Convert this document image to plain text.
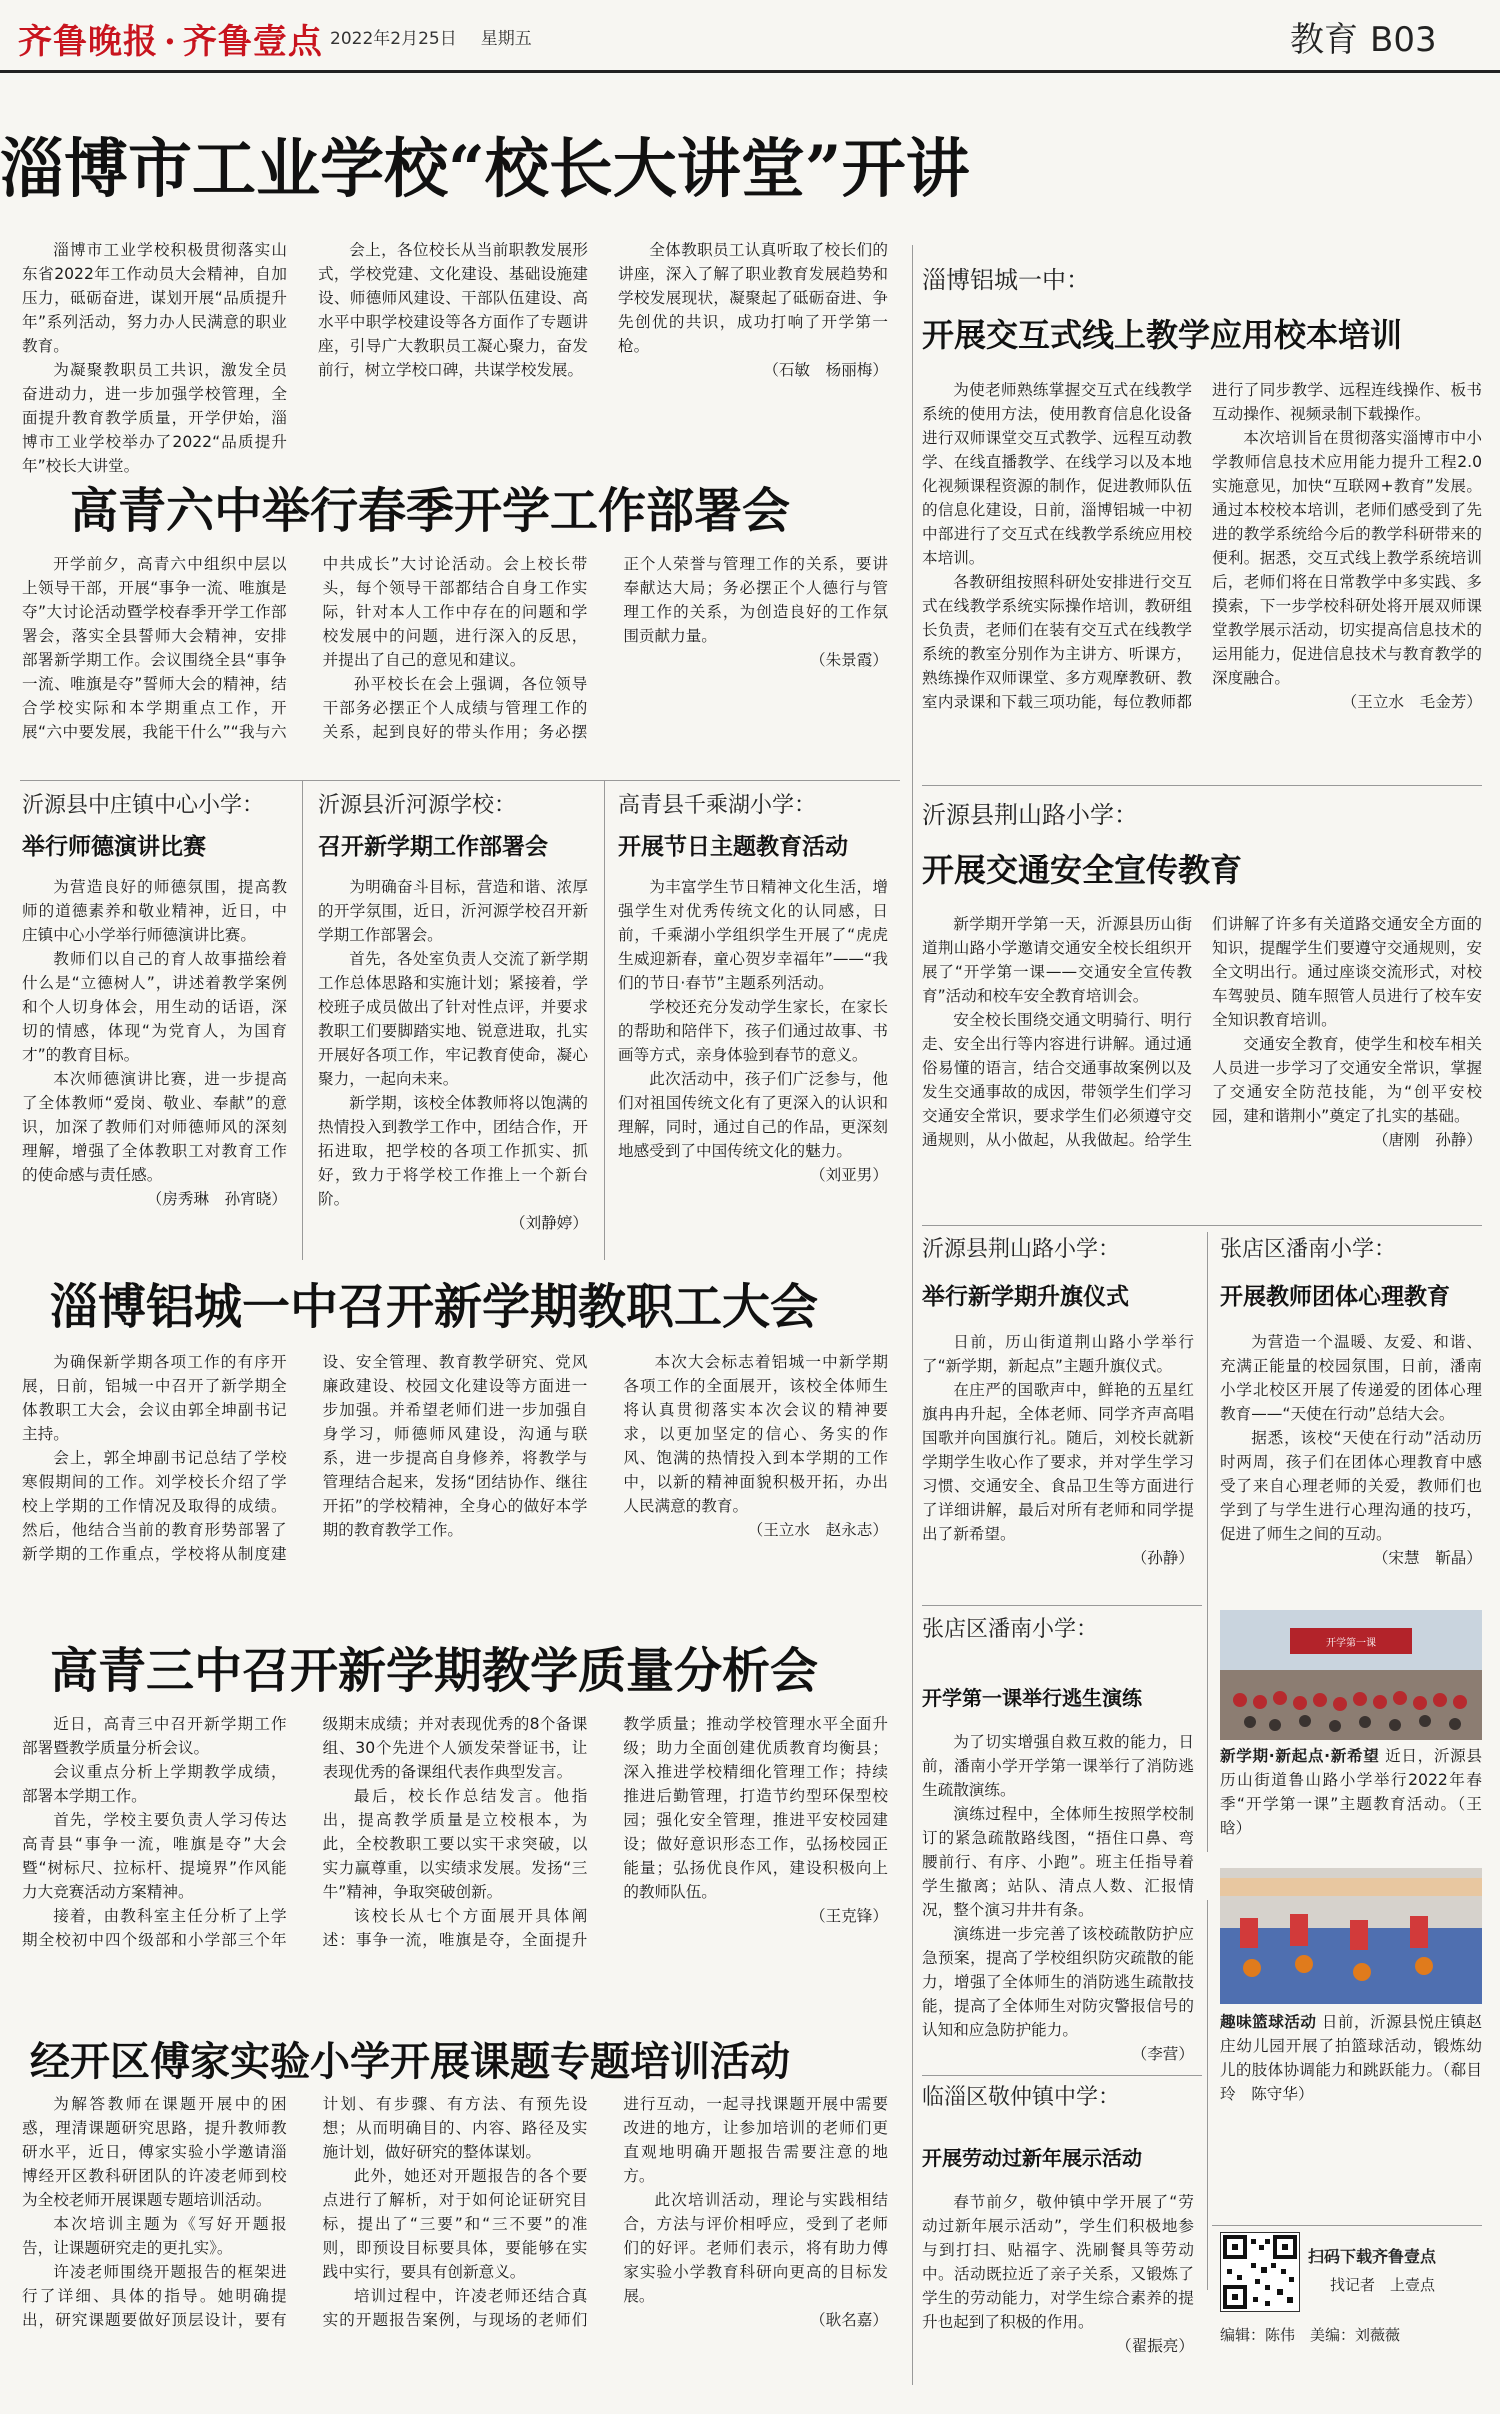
齐鲁晚报 · 齐鲁壹点 2022年2月25日 星期五	教育 B03
淄博市工业学校“校长大讲堂”开讲

淄博市工业学校积极贯彻落实山东省2022年工作动员大会精神，自加压力，砥砺奋进，谋划开展“品质提升年”系列活动，努力办人民满意的职业教育。

为凝聚教职员工共识，激发全员奋进动力，进一步加强学校管理，全面提升教育教学质量，开学伊始，淄博市工业学校举办了2022“品质提升年”校长大讲堂。

会上，各位校长从当前职教发展形式，学校党建、文化建设、基础设施建设、师德师风建设、干部队伍建设、高水平中职学校建设等各方面作了专题讲座，引导广大教职员工凝心聚力，奋发前行，树立学校口碑，共谋学校发展。

全体教职员工认真听取了校长们的讲座，深入了解了职业教育发展趋势和学校发展现状，凝聚起了砥砺奋进、争先创优的共识，成功打响了开学第一枪。

（石敏　杨丽梅）

高青六中举行春季开学工作部署会

开学前夕，高青六中组织中层以上领导干部，开展“事争一流、唯旗是夺”大讨论活动暨学校春季开学工作部署会，落实全县誓师大会精神，安排部署新学期工作。会议围绕全县“事争一流、唯旗是夺”誓师大会的精神，结合学校实际和本学期重点工作，开展“六中要发展，我能干什么”“我与六中共成长”大讨论活动。会上校长带头，每个领导干部都结合自身工作实际，针对本人工作中存在的问题和学校发展中的问题，进行深入的反思，并提出了自己的意见和建议。

孙平校长在会上强调，各位领导干部务必摆正个人成绩与管理工作的关系，起到良好的带头作用；务必摆正个人荣誉与管理工作的关系，要讲奉献达大局；务必摆正个人德行与管理工作的关系，为创造良好的工作氛围贡献力量。

（朱景霞）

沂源县中庄镇中心小学：
举行师德演讲比赛

为营造良好的师德氛围，提高教师的道德素养和敬业精神，近日，中庄镇中心小学举行师德演讲比赛。

教师们以自己的育人故事描绘着什么是“立德树人”，讲述着教学案例和个人切身体会，用生动的话语，深切的情感，体现“为党育人，为国育才”的教育目标。

本次师德演讲比赛，进一步提高了全体教师“爱岗、敬业、奉献”的意识，加深了教师们对师德师风的深刻理解，增强了全体教职工对教育工作的使命感与责任感。

（房秀琳　孙宵晓）

沂源县沂河源学校：
召开新学期工作部署会

为明确奋斗目标，营造和谐、浓厚的开学氛围，近日，沂河源学校召开新学期工作部署会。

首先，各处室负责人交流了新学期工作总体思路和实施计划；紧接着，学校班子成员做出了针对性点评，并要求教职工们要脚踏实地、锐意进取，扎实开展好各项工作，牢记教育使命，凝心聚力，一起向未来。

新学期，该校全体教师将以饱满的热情投入到教学工作中，团结合作，开拓进取，把学校的各项工作抓实、抓好，致力于将学校工作推上一个新台阶。

（刘静婷）

高青县千乘湖小学：
开展节日主题教育活动

为丰富学生节日精神文化生活，增强学生对优秀传统文化的认同感，日前，千乘湖小学组织学生开展了“虎虎生威迎新春，童心贺岁幸福年”——“我们的节日·春节”主题系列活动。

学校还充分发动学生家长，在家长的帮助和陪伴下，孩子们通过故事、书画等方式，亲身体验到春节的意义。

此次活动中，孩子们广泛参与，他们对祖国传统文化有了更深入的认识和理解，同时，通过自己的作品，更深刻地感受到了中国传统文化的魅力。

（刘亚男）

淄博铝城一中召开新学期教职工大会

为确保新学期各项工作的有序开展，日前，铝城一中召开了新学期全体教职工大会，会议由郭全坤副书记主持。

会上，郭全坤副书记总结了学校寒假期间的工作。刘学校长介绍了学校上学期的工作情况及取得的成绩。然后，他结合当前的教育形势部署了新学期的工作重点，学校将从制度建设、安全管理、教育教学研究、党风廉政建设、校园文化建设等方面进一步加强。并希望老师们进一步加强自身学习，师德师风建设，沟通与联系，进一步提高自身修养，将教学与管理结合起来，发扬“团结协作、继往开拓”的学校精神，全身心的做好本学期的教育教学工作。

本次大会标志着铝城一中新学期各项工作的全面展开，该校全体师生将认真贯彻落实本次会议的精神要求，以更加坚定的信心、务实的作风、饱满的热情投入到本学期的工作中，以新的精神面貌积极开拓，办出人民满意的教育。

（王立水　赵永志）

高青三中召开新学期教学质量分析会

近日，高青三中召开新学期工作部署暨教学质量分析会议。

会议重点分析上学期教学成绩，部署本学期工作。

首先，学校主要负责人学习传达高青县“事争一流，唯旗是夺”大会暨“树标尺、拉标杆、提境界”作风能力大竞赛活动方案精神。

接着，由教科室主任分析了上学期全校初中四个级部和小学部三个年级期末成绩；并对表现优秀的8个备课组、30个先进个人颁发荣誉证书，让表现优秀的备课组代表作典型发言。

最后，校长作总结发言。他指出，提高教学质量是立校根本，为此，全校教职工要以实干求突破，以实力赢尊重，以实绩求发展。发扬“三牛”精神，争取突破创新。

该校长从七个方面展开具体阐述：事争一流，唯旗是夺，全面提升教学质量；推动学校管理水平全面升级；助力全面创建优质教育均衡县；深入推进学校精细化管理工作；持续推进后勤管理，打造节约型环保型校园；强化安全管理，推进平安校园建设；做好意识形态工作，弘扬校园正能量；弘扬优良作风，建设积极向上的教师队伍。

（王克锋）

经开区傅家实验小学开展课题专题培训活动

为解答教师在课题开展中的困惑，理清课题研究思路，提升教师教研水平，近日，傅家实验小学邀请淄博经开区教科研团队的许凌老师到校为全校老师开展课题专题培训活动。

本次培训主题为《写好开题报告，让课题研究走的更扎实》。

许凌老师围绕开题报告的框架进行了详细、具体的指导。她明确提出，研究课题要做好顶层设计，要有计划、有步骤、有方法、有预先设想；从而明确目的、内容、路径及实施计划，做好研究的整体谋划。

此外，她还对开题报告的各个要点进行了解析，对于如何论证研究目标，提出了“三要”和“三不要”的准则，即预设目标要具体，要能够在实践中实行，要具有创新意义。

培训过程中，许凌老师还结合真实的开题报告案例，与现场的老师们进行互动，一起寻找课题开展中需要改进的地方，让参加培训的老师们更直观地明确开题报告需要注意的地方。

此次培训活动，理论与实践相结合，方法与评价相呼应，受到了老师们的好评。老师们表示，将有助力傅家实验小学教育科研向更高的目标发展。

（耿名嘉）

淄博铝城一中：
开展交互式线上教学应用校本培训

为使老师熟练掌握交互式在线教学系统的使用方法，使用教育信息化设备进行双师课堂交互式教学、远程互动教学、在线直播教学、在线学习以及本地化视频课程资源的制作，促进教师队伍的信息化建设，日前，淄博铝城一中初中部进行了交互式在线教学系统应用校本培训。

各教研组按照科研处安排进行交互式在线教学系统实际操作培训，教研组长负责，老师们在装有交互式在线教学系统的教室分别作为主讲方、听课方，熟练操作双师课堂、多方观摩教研、教室内录课和下载三项功能，每位教师都进行了同步教学、远程连线操作、板书互动操作、视频录制下载操作。

本次培训旨在贯彻落实淄博市中小学教师信息技术应用能力提升工程2.0实施意见，加快“互联网+教育”发展。通过本校校本培训，老师们感受到了先进的教学系统给今后的教学科研带来的便利。据悉，交互式线上教学系统培训后，老师们将在日常教学中多实践、多摸索，下一步学校科研处将开展双师课堂教学展示活动，切实提高信息技术的运用能力，促进信息技术与教育教学的深度融合。

（王立水　毛金芳）

沂源县荆山路小学：
开展交通安全宣传教育

新学期开学第一天，沂源县历山街道荆山路小学邀请交通安全校长组织开展了“开学第一课——交通安全宣传教育”活动和校车安全教育培训会。

安全校长围绕交通文明骑行、明行走、安全出行等内容进行讲解。通过通俗易懂的语言，结合交通事故案例以及发生交通事故的成因，带领学生们学习交通安全常识，要求学生们必须遵守交通规则，从小做起，从我做起。给学生们讲解了许多有关道路交通安全方面的知识，提醒学生们要遵守交通规则，安全文明出行。通过座谈交流形式，对校车驾驶员、随车照管人员进行了校车安全知识教育培训。

交通安全教育，使学生和校车相关人员进一步学习了交通安全常识，掌握了交通安全防范技能，为“创平安校园，建和谐荆小”奠定了扎实的基础。

（唐刚　孙静）

沂源县荆山路小学：
举行新学期升旗仪式

日前，历山街道荆山路小学举行了“新学期，新起点”主题升旗仪式。

在庄严的国歌声中，鲜艳的五星红旗冉冉升起，全体老师、同学齐声高唱国歌并向国旗行礼。随后，刘校长就新学期学生收心作了要求，并对学生学习习惯、交通安全、食品卫生等方面进行了详细讲解，最后对所有老师和同学提出了新希望。

（孙静）

张店区潘南小学：
开学第一课举行逃生演练

为了切实增强自救互救的能力，日前，潘南小学开学第一课举行了消防逃生疏散演练。

演练过程中，全体师生按照学校制订的紧急疏散路线图，“捂住口鼻、弯腰前行、有序、小跑”。班主任指导着学生撤离；站队、清点人数、汇报情况，整个演习井井有条。

演练进一步完善了该校疏散防护应急预案，提高了学校组织防灾疏散的能力，增强了全体师生的消防逃生疏散技能，提高了全体师生对防灾警报信号的认知和应急防护能力。

（李营）

临淄区敬仲镇中学：
开展劳动过新年展示活动

春节前夕，敬仲镇中学开展了“劳动过新年展示活动”，学生们积极地参与到打扫、贴福字、洗刷餐具等劳动中。活动既拉近了亲子关系，又锻炼了学生的劳动能力，对学生综合素养的提升也起到了积极的作用。

（翟振亮）

张店区潘南小学：
开展教师团体心理教育

为营造一个温暖、友爱、和谐、充满正能量的校园氛围，日前，潘南小学北校区开展了传递爱的团体心理教育——“天使在行动”总结大会。

据悉，该校“天使在行动”活动历时两周，孩子们在团体心理教育中感受了来自心理老师的关爱，教师们也学到了与学生进行心理沟通的技巧，促进了师生之间的互动。

（宋慧　靳晶）

开学第一课
新学期·新起点·新希望 近日，沂源县历山街道鲁山路小学举行2022年春季“开学第一课”主题教育活动。（王晗）
趣味篮球活动 日前，沂源县悦庄镇赵庄幼儿园开展了拍篮球活动，锻炼幼儿的肢体协调能力和跳跃能力。（郗目玲　陈守华）
扫码下载齐鲁壹点
找记者　上壹点
编辑：陈伟　美编：刘薇薇
